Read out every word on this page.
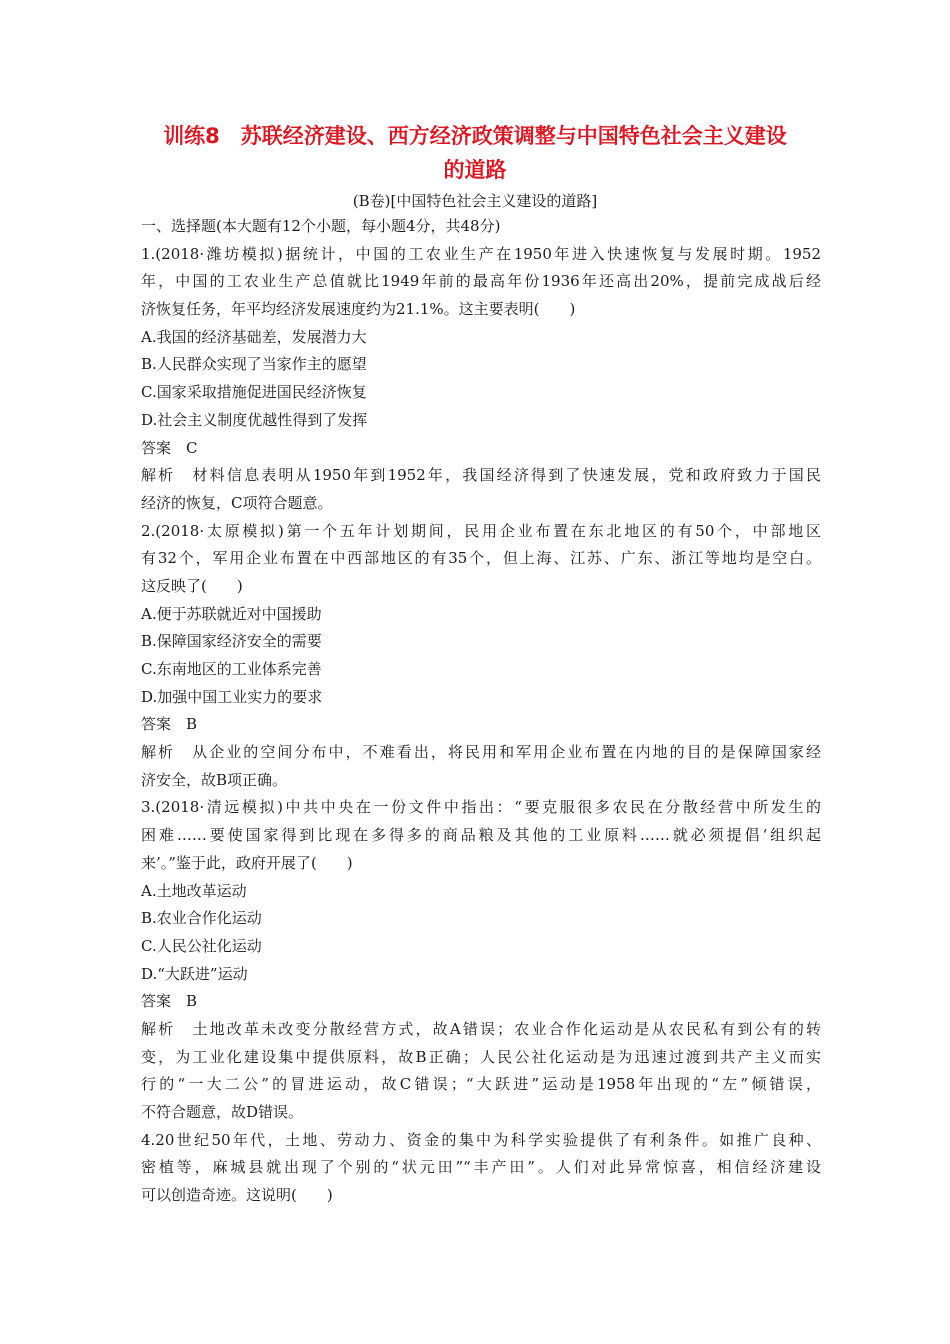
训练8　苏联经济建设、西方经济政策调整与中国特色社会主义建设
的道路
(B卷)[中国特色社会主义建设的道路]
一、选择题(本大题有12个小题，每小题4分，共48分)
1.(2018·潍坊模拟)据统计，中国的工农业生产在1950年进入快速恢复与发展时期。1952
年，中国的工农业生产总值就比1949年前的最高年份1936年还高出20%，提前完成战后经
济恢复任务，年平均经济发展速度约为21.1%。这主要表明(　　)
A.我国的经济基础差，发展潜力大
B.人民群众实现了当家作主的愿望
C.国家采取措施促进国民经济恢复
D.社会主义制度优越性得到了发挥
答案　C
解析　材料信息表明从1950年到1952年，我国经济得到了快速发展，党和政府致力于国民
经济的恢复，C项符合题意。
2.(2018·太原模拟)第一个五年计划期间，民用企业布置在东北地区的有50个，中部地区
有32个，军用企业布置在中西部地区的有35个，但上海、江苏、广东、浙江等地均是空白。
这反映了(　　)
A.便于苏联就近对中国援助
B.保障国家经济安全的需要
C.东南地区的工业体系完善
D.加强中国工业实力的要求
答案　B
解析　从企业的空间分布中，不难看出，将民用和军用企业布置在内地的目的是保障国家经
济安全，故B项正确。
3.(2018·清远模拟)中共中央在一份文件中指出：“要克服很多农民在分散经营中所发生的
困难……要使国家得到比现在多得多的商品粮及其他的工业原料……就必须提倡‘组织起
来’。”鉴于此，政府开展了(　　)
A.土地改革运动
B.农业合作化运动
C.人民公社化运动
D.“大跃进”运动
答案　B
解析　土地改革未改变分散经营方式，故A错误；农业合作化运动是从农民私有到公有的转
变，为工业化建设集中提供原料，故B正确；人民公社化运动是为迅速过渡到共产主义而实
行的“一大二公”的冒进运动，故C错误；“大跃进”运动是1958年出现的“左”倾错误，
不符合题意，故D错误。
4.20世纪50年代，土地、劳动力、资金的集中为科学实验提供了有利条件。如推广良种、
密植等，麻城县就出现了个别的“状元田”“丰产田”。人们对此异常惊喜，相信经济建设
可以创造奇迹。这说明(　　)
